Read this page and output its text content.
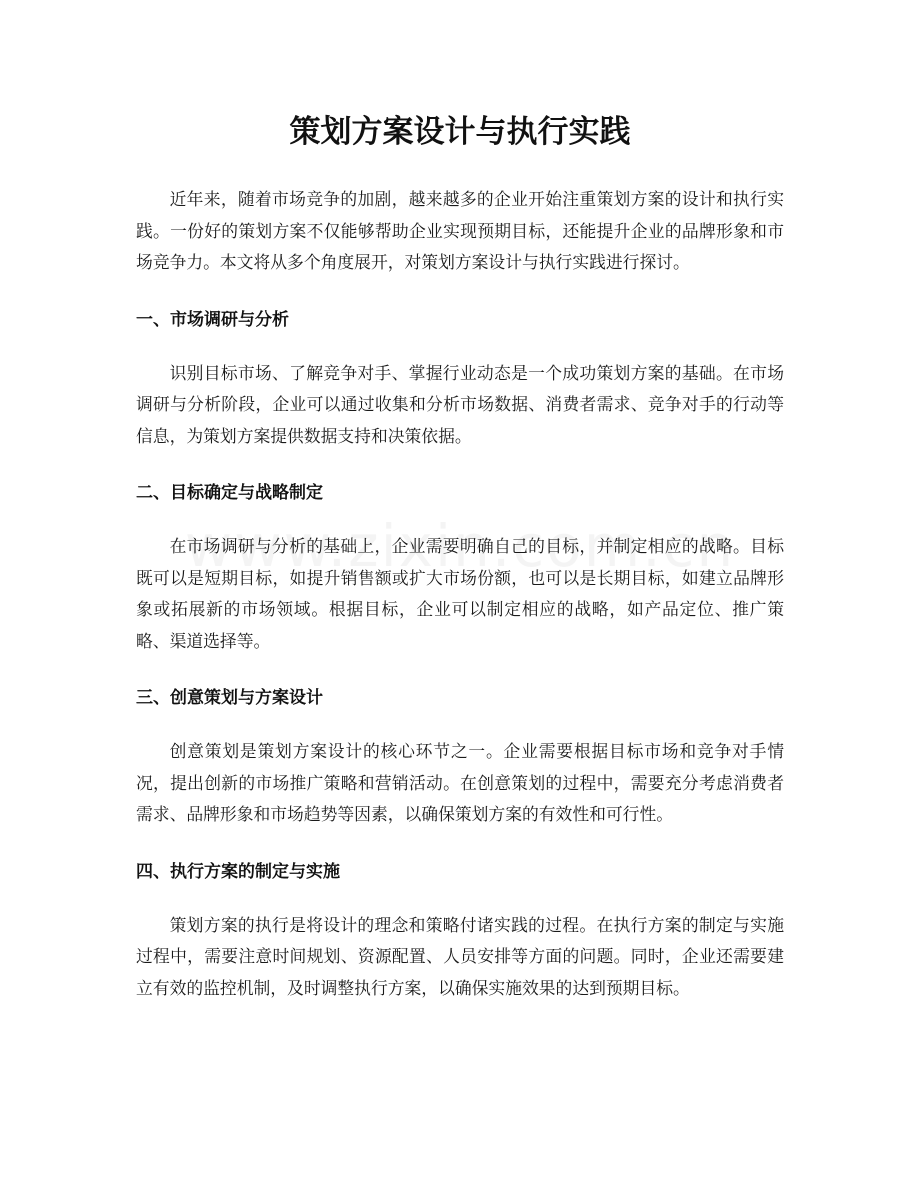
策划方案设计与执行实践

近年来，随着市场竞争的加剧，越来越多的企业开始注重策划方案的设计和执行实践。一份好的策划方案不仅能够帮助企业实现预期目标，还能提升企业的品牌形象和市场竞争力。本文将从多个角度展开，对策划方案设计与执行实践进行探讨。

一、市场调研与分析

识别目标市场、了解竞争对手、掌握行业动态是一个成功策划方案的基础。在市场调研与分析阶段，企业可以通过收集和分析市场数据、消费者需求、竞争对手的行动等信息，为策划方案提供数据支持和决策依据。

二、目标确定与战略制定

在市场调研与分析的基础上，企业需要明确自己的目标，并制定相应的战略。目标既可以是短期目标，如提升销售额或扩大市场份额，也可以是长期目标，如建立品牌形象或拓展新的市场领域。根据目标，企业可以制定相应的战略，如产品定位、推广策略、渠道选择等。

三、创意策划与方案设计

创意策划是策划方案设计的核心环节之一。企业需要根据目标市场和竞争对手情况，提出创新的市场推广策略和营销活动。在创意策划的过程中，需要充分考虑消费者需求、品牌形象和市场趋势等因素，以确保策划方案的有效性和可行性。

四、执行方案的制定与实施

策划方案的执行是将设计的理念和策略付诸实践的过程。在执行方案的制定与实施过程中，需要注意时间规划、资源配置、人员安排等方面的问题。同时，企业还需要建立有效的监控机制，及时调整执行方案，以确保实施效果的达到预期目标。
